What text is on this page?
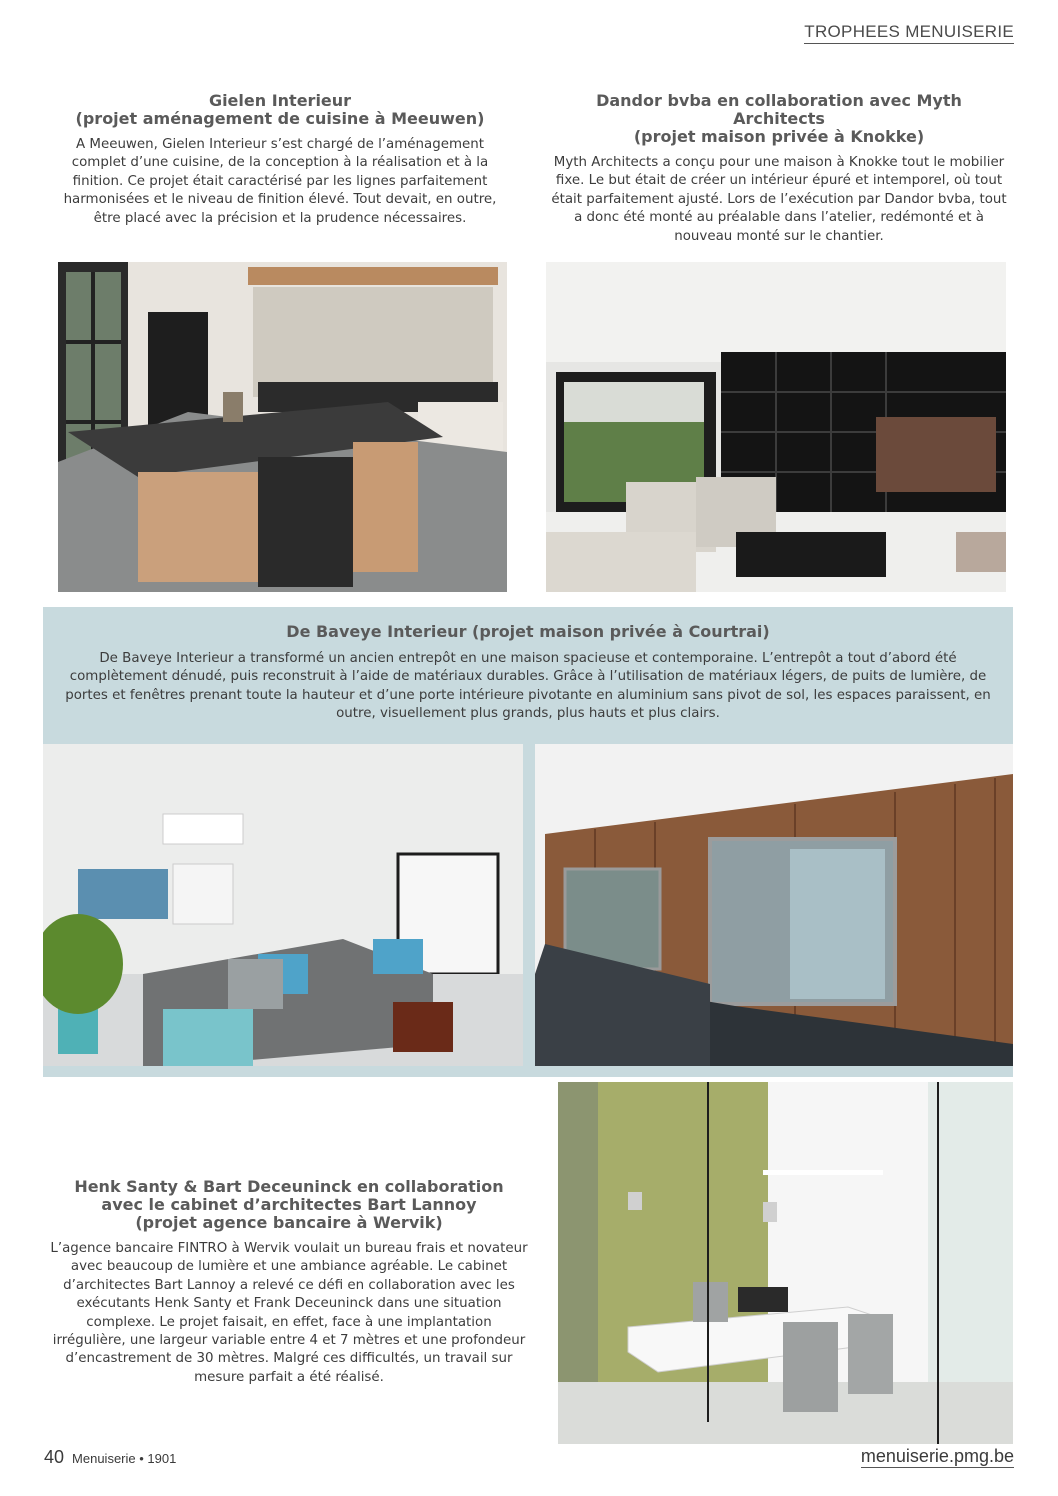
TROPHEES MENUISERIE

Gielen Interieur
(projet aménagement de cuisine à Meeuwen)

A Meeuwen, Gielen Interieur s’est chargé de l’aménagement complet d’une cuisine, de la conception à la réalisation et à la finition. Ce projet était caractérisé par les lignes parfaitement harmonisées et le niveau de finition élevé. Tout devait, en outre, être placé avec la précision et la prudence nécessaires.

Dandor bvba en collaboration avec Myth Architects
(projet maison privée à Knokke)

Myth Architects a conçu pour une maison à Knokke tout le mobilier fixe. Le but était de créer un intérieur épuré et intemporel, où tout était parfaitement ajusté. Lors de l’exécution par Dandor bvba, tout a donc été monté au préalable dans l’atelier, redémonté et à nouveau monté sur le chantier.

De Baveye Interieur (projet maison privée à Courtrai)

De Baveye Interieur a transformé un ancien entrepôt en une maison spacieuse et contemporaine. L’entrepôt a tout d’abord été complètement dénudé, puis reconstruit à l’aide de matériaux durables. Grâce à l’utilisation de matériaux légers, de puits de lumière, de portes et fenêtres prenant toute la hauteur et d’une porte intérieure pivotante en aluminium sans pivot de sol, les espaces paraissent, en outre, visuellement plus grands, plus hauts et plus clairs.

Henk Santy & Bart Deceuninck en collaboration
avec le cabinet d’architectes Bart Lannoy
(projet agence bancaire à Wervik)

L’agence bancaire FINTRO à Wervik voulait un bureau frais et novateur avec beaucoup de lumière et une ambiance agréable. Le cabinet d’architectes Bart Lannoy a relevé ce défi en collaboration avec les exécutants Henk Santy et Frank Deceuninck dans une situation complexe. Le projet faisait, en effet, face à une implantation irrégulière, une largeur variable entre 4 et 7 mètres et une profondeur d’encastrement de 30 mètres. Malgré ces difficultés, un travail sur mesure parfait a été réalisé.

40 Menuiserie • 1901	menuiserie.pmg.be
